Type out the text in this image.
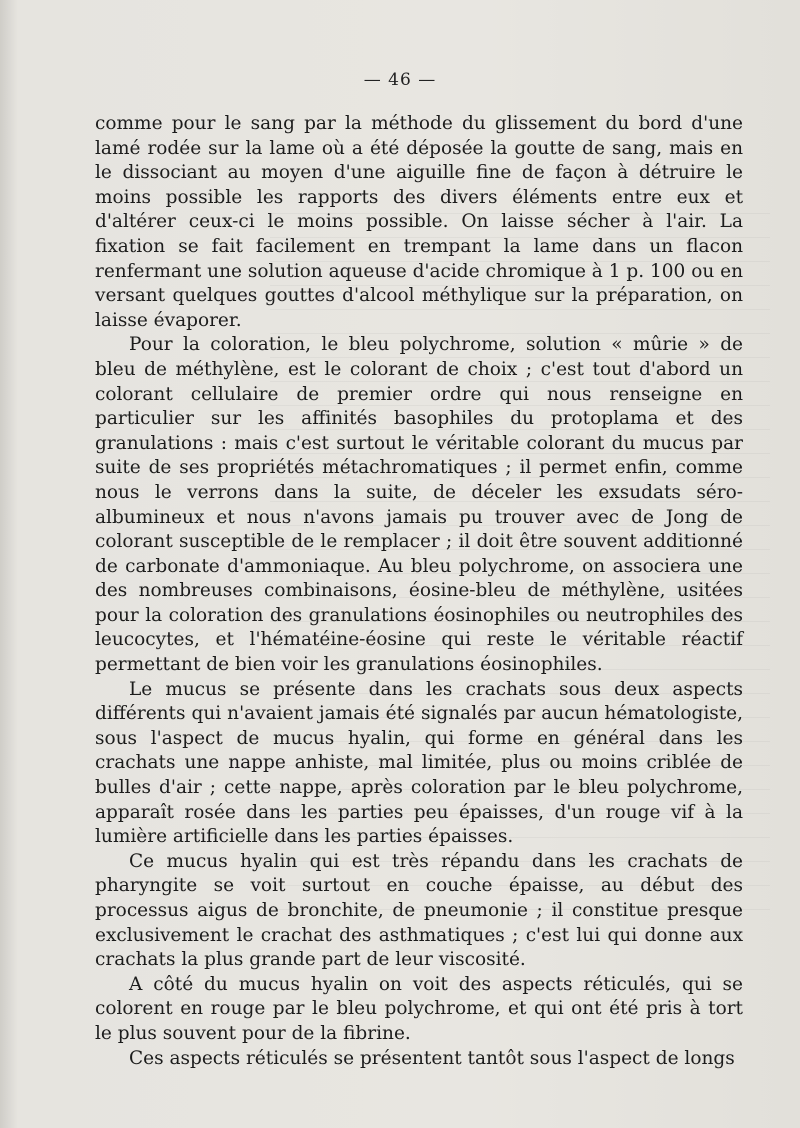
— 46 —

comme pour le sang par la méthode du glissement du bord d'une lamé rodée sur la lame où a été déposée la goutte de sang, mais en le dissociant au moyen d'une aiguille fine de façon à détruire le moins possible les rapports des divers éléments entre eux et d'altérer ceux-ci le moins possible. On laisse sécher à l'air. La fixation se fait facilement en trempant la lame dans un flacon renfermant une solution aqueuse d'acide chromique à 1 p. 100 ou en versant quelques gouttes d'alcool méthylique sur la préparation, on laisse évaporer.

Pour la coloration, le bleu polychrome, solution « mûrie » de bleu de méthylène, est le colorant de choix ; c'est tout d'abord un colorant cellulaire de premier ordre qui nous renseigne en particulier sur les affinités basophiles du protoplama et des granulations : mais c'est surtout le véritable colorant du mucus par suite de ses propriétés métachromatiques ; il permet enfin, comme nous le verrons dans la suite, de déceler les exsudats séro-albumineux et nous n'avons jamais pu trouver avec de Jong de colorant susceptible de le remplacer ; il doit être souvent additionné de carbonate d'ammoniaque. Au bleu polychrome, on associera une des nombreuses combinaisons, éosine-bleu de méthylène, usitées pour la coloration des granulations éosinophiles ou neutrophiles des leucocytes, et l'hématéine-éosine qui reste le véritable réactif permettant de bien voir les granulations éosinophiles.

Le mucus se présente dans les crachats sous deux aspects différents qui n'avaient jamais été signalés par aucun hématologiste, sous l'aspect de mucus hyalin, qui forme en général dans les crachats une nappe anhiste, mal limitée, plus ou moins criblée de bulles d'air ; cette nappe, après coloration par le bleu polychrome, apparaît rosée dans les parties peu épaisses, d'un rouge vif à la lumière artificielle dans les parties épaisses.

Ce mucus hyalin qui est très répandu dans les crachats de pharyngite se voit surtout en couche épaisse, au début des processus aigus de bronchite, de pneumonie ; il constitue presque exclusivement le crachat des asthmatiques ; c'est lui qui donne aux crachats la plus grande part de leur viscosité.

A côté du mucus hyalin on voit des aspects réticulés, qui se colorent en rouge par le bleu polychrome, et qui ont été pris à tort le plus souvent pour de la fibrine.

Ces aspects réticulés se présentent tantôt sous l'aspect de longs
